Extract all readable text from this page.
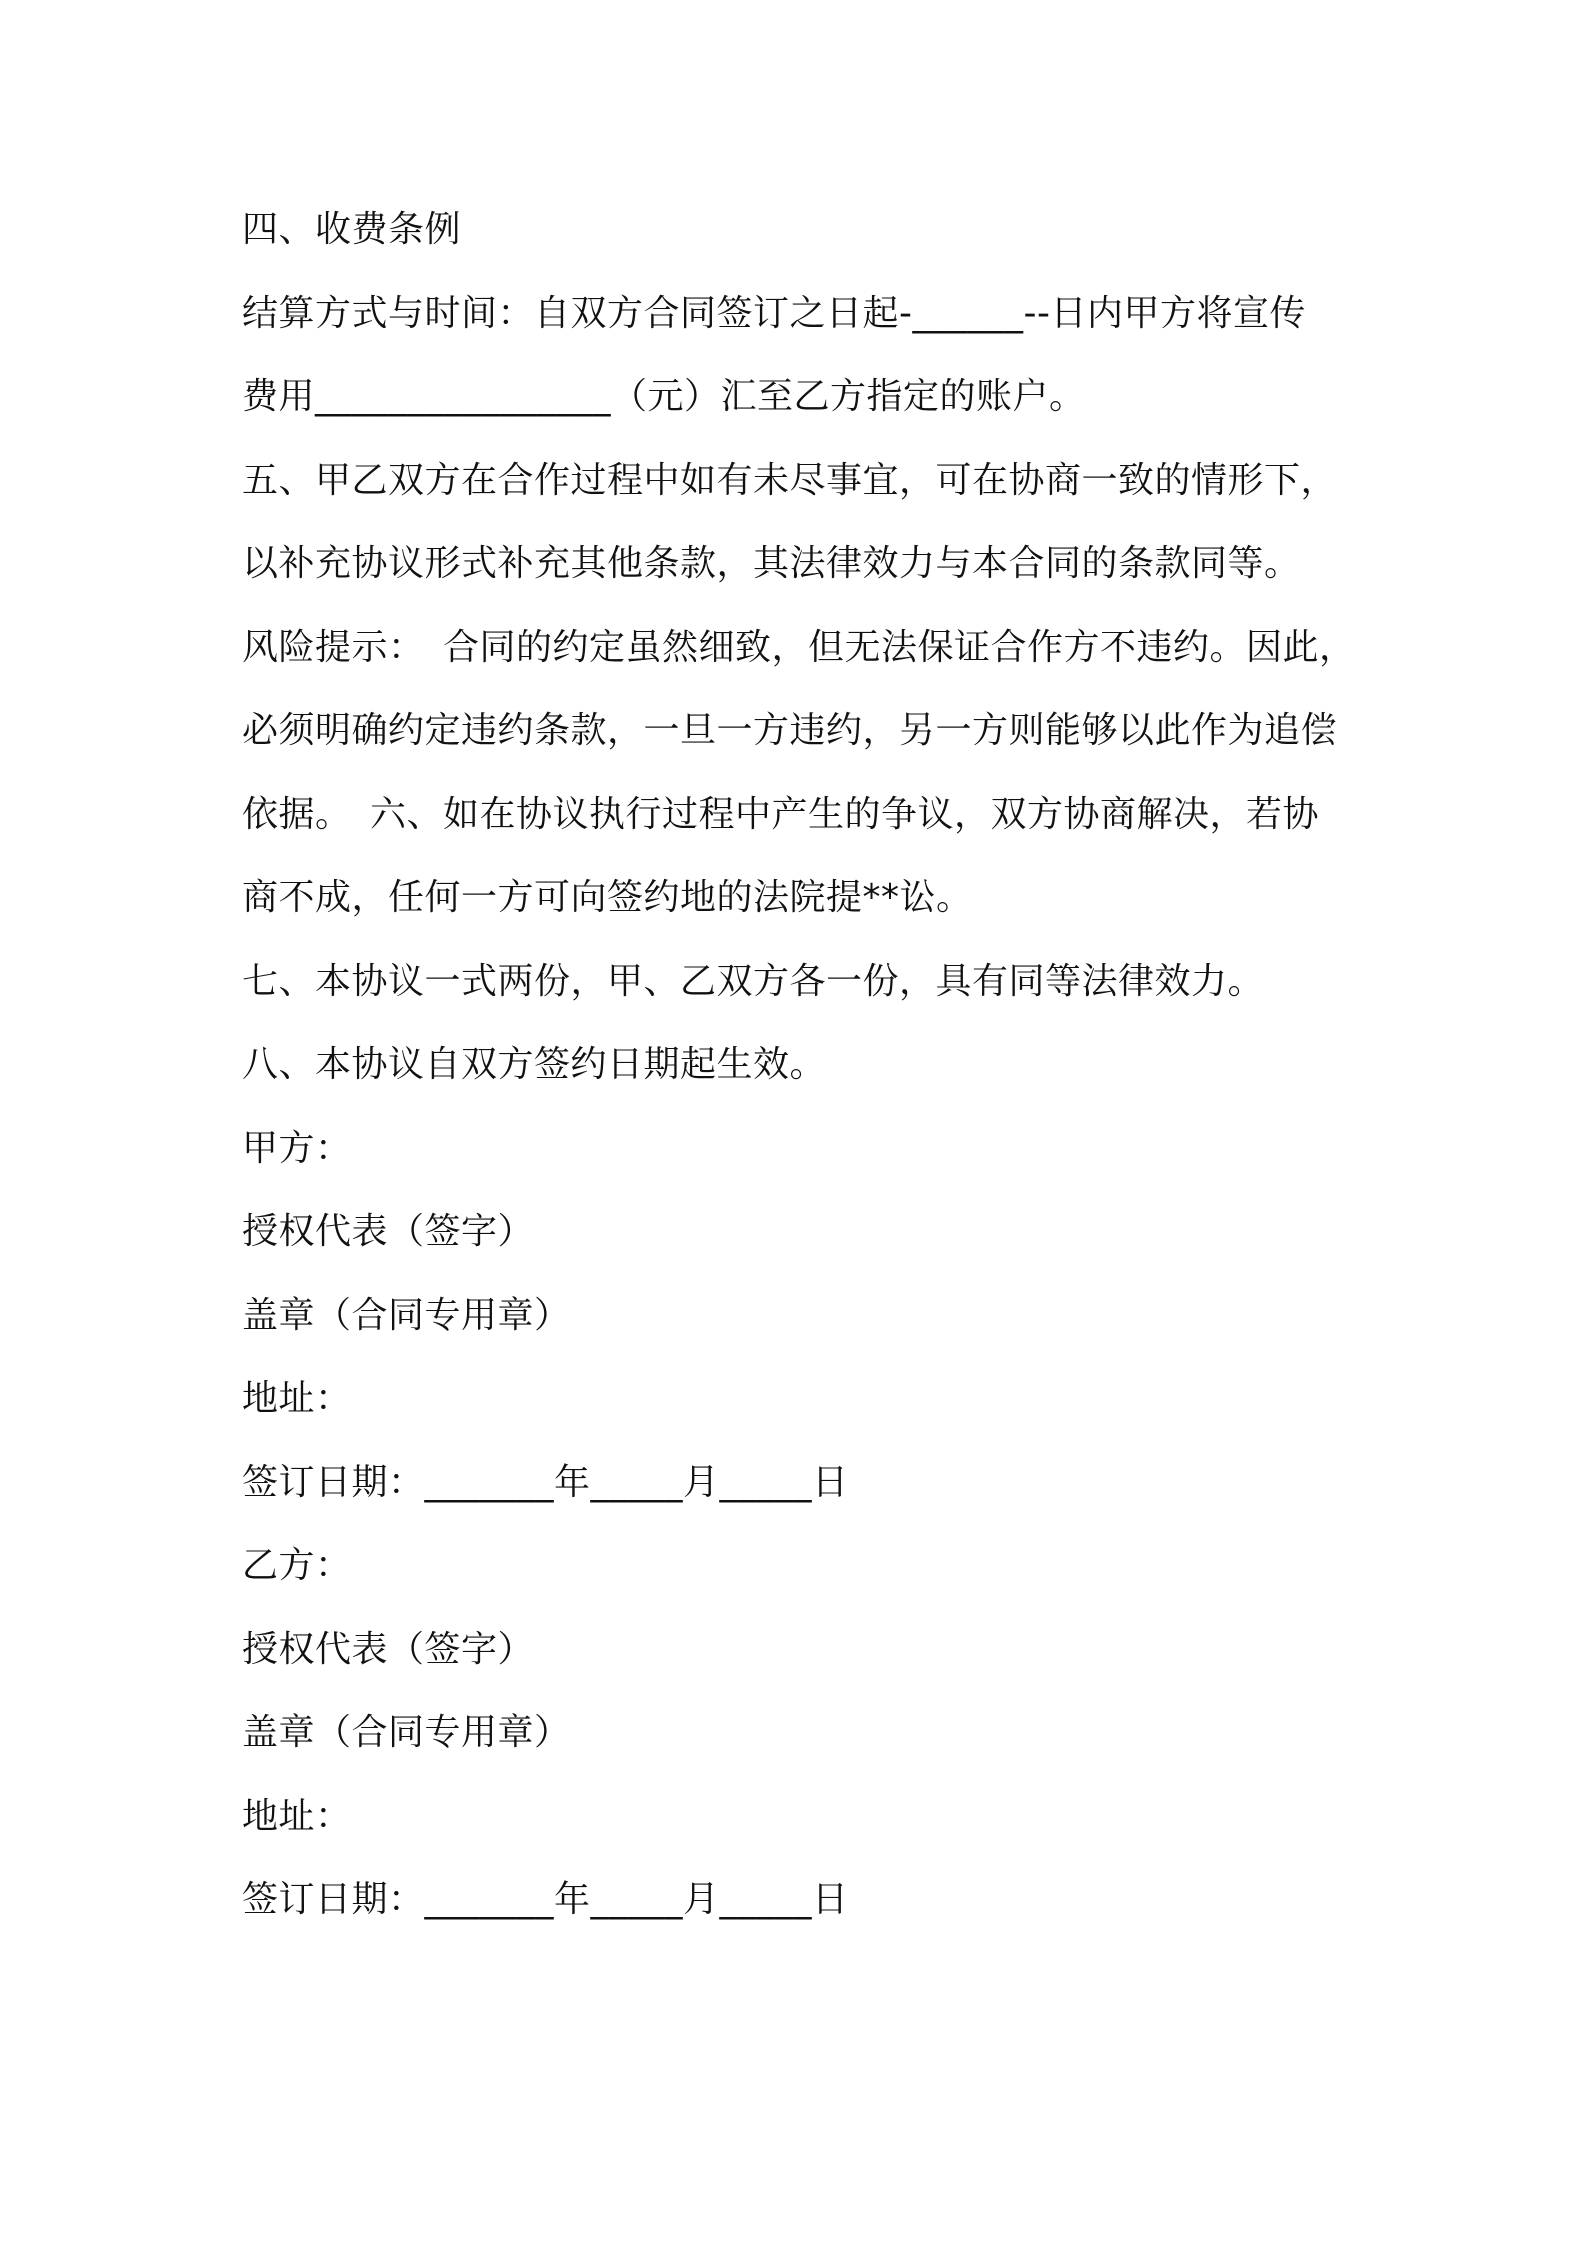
四、收费条例
结算方式与时间：自双方合同签订之日起-______--日内甲方将宣传
费用________________（元）汇至乙方指定的账户。
五、甲乙双方在合作过程中如有未尽事宜，可在协商一致的情形下，
以补充协议形式补充其他条款，其法律效力与本合同的条款同等。
风险提示：　合同的约定虽然细致，但无法保证合作方不违约。因此，
必须明确约定违约条款，一旦一方违约，另一方则能够以此作为追偿
依据。　六、如在协议执行过程中产生的争议，双方协商解决，若协
商不成，任何一方可向签约地的法院提**讼。
七、本协议一式两份，甲、乙双方各一份，具有同等法律效力。
八、本协议自双方签约日期起生效。
甲方：
授权代表（签字）
盖章（合同专用章）
地址：
签订日期：_______年_____月_____日
乙方：
授权代表（签字）
盖章（合同专用章）
地址：
签订日期：_______年_____月_____日
